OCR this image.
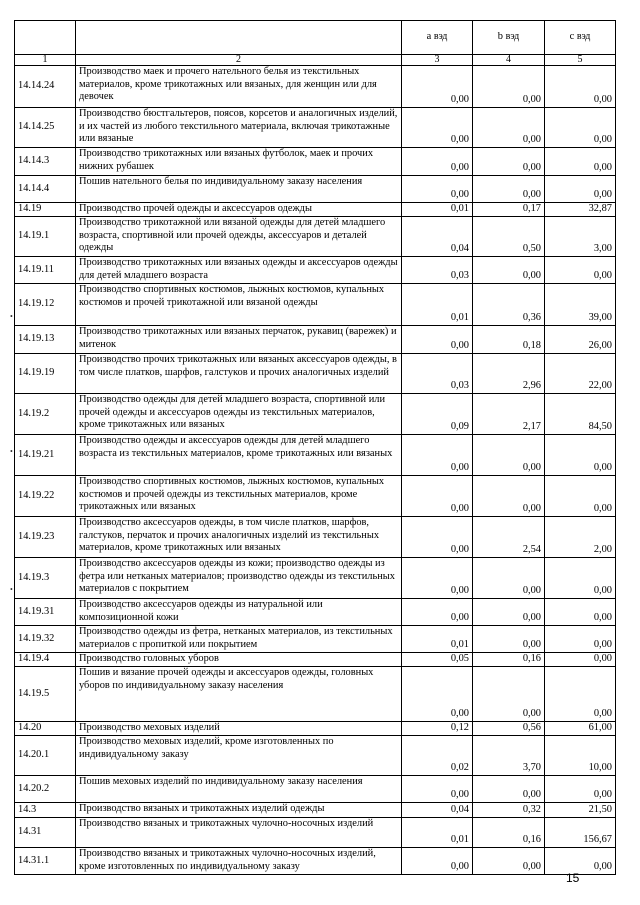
		a вэд	b вэд	c вэд
1	2	3	4	5
14.14.24	Производство маек и прочего нательного белья из текстильных материалов, кроме трикотажных или вязаных, для женщин или для девочек	0,00	0,00	0,00
14.14.25	Производство бюстгальтеров, поясов, корсетов и аналогичных изделий, и их частей из любого текстильного материала, включая трикотажные или вязаные	0,00	0,00	0,00
14.14.3	Производство трикотажных или вязаных футболок, маек и прочих нижних рубашек	0,00	0,00	0,00
14.14.4	Пошив нательного белья по индивидуальному заказу населения	0,00	0,00	0,00
14.19	Производство прочей одежды и аксессуаров одежды	0,01	0,17	32,87
14.19.1	Производство трикотажной или вязаной одежды для детей младшего возраста, спортивной или прочей одежды, аксессуаров и деталей одежды	0,04	0,50	3,00
14.19.11	Производство трикотажных или вязаных одежды и аксессуаров одежды для детей младшего возраста	0,03	0,00	0,00
14.19.12	Производство спортивных костюмов, лыжных костюмов, купальных костюмов и прочей трикотажной или вязаной одежды	0,01	0,36	39,00
14.19.13	Производство трикотажных или вязаных перчаток, рукавиц (варежек) и митенок	0,00	0,18	26,00
14.19.19	Производство прочих трикотажных или вязаных аксессуаров одежды, в том числе платков, шарфов, галстуков и прочих аналогичных изделий	0,03	2,96	22,00
14.19.2	Производство одежды для детей младшего возраста, спортивной или прочей одежды и аксессуаров одежды из текстильных материалов, кроме трикотажных или вязаных	0,09	2,17	84,50
14.19.21	Производство одежды и аксессуаров одежды для детей младшего возраста из текстильных материалов, кроме трикотажных или вязаных	0,00	0,00	0,00
14.19.22	Производство спортивных костюмов, лыжных костюмов, купальных костюмов и прочей одежды из текстильных материалов, кроме трикотажных или вязаных	0,00	0,00	0,00
14.19.23	Производство аксессуаров одежды, в том числе платков, шарфов, галстуков, перчаток и прочих аналогичных изделий из текстильных материалов, кроме трикотажных или вязаных	0,00	2,54	2,00
14.19.3	Производство аксессуаров одежды из кожи; производство одежды из фетра или нетканых материалов; производство одежды из текстильных материалов с покрытием	0,00	0,00	0,00
14.19.31	Производство аксессуаров одежды из натуральной или композиционной кожи	0,00	0,00	0,00
14.19.32	Производство одежды из фетра, нетканых материалов, из текстильных материалов с пропиткой или покрытием	0,01	0,00	0,00
14.19.4	Производство головных уборов	0,05	0,16	0,00
14.19.5	Пошив и вязание прочей одежды и аксессуаров одежды, головных уборов по индивидуальному заказу населения	0,00	0,00	0,00
14.20	Производство меховых изделий	0,12	0,56	61,00
14.20.1	Производство меховых изделий, кроме изготовленных по индивидуальному заказу	0,02	3,70	10,00
14.20.2	Пошив меховых изделий по индивидуальному заказу населения	0,00	0,00	0,00
14.3	Производство вязаных и трикотажных изделий одежды	0,04	0,32	21,50
14.31	Производство вязаных и трикотажных чулочно-носочных изделий	0,01	0,16	156,67
14.31.1	Производство вязаных и трикотажных чулочно-носочных изделий, кроме изготовленных по индивидуальному заказу	0,00	0,00	0,00
•
•
•
15
